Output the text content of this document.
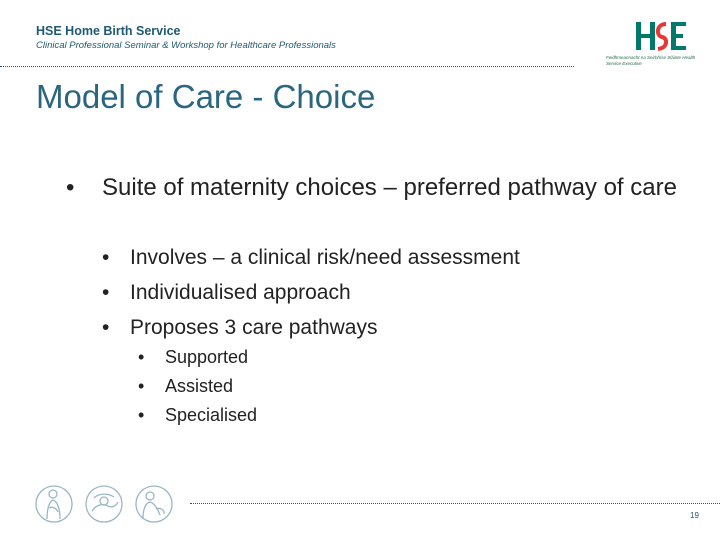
HSE Home Birth Service
Clinical Professional Seminar & Workshop for Healthcare Professionals
Feidhmeannacht na Seirbhíse Sláinte Health Service Executive
Model of Care - Choice
• Suite of maternity choices – preferred pathway of care
• Involves – a clinical risk/need assessment
• Individualised approach
• Proposes 3 care pathways
• Supported
• Assisted
• Specialised
19
